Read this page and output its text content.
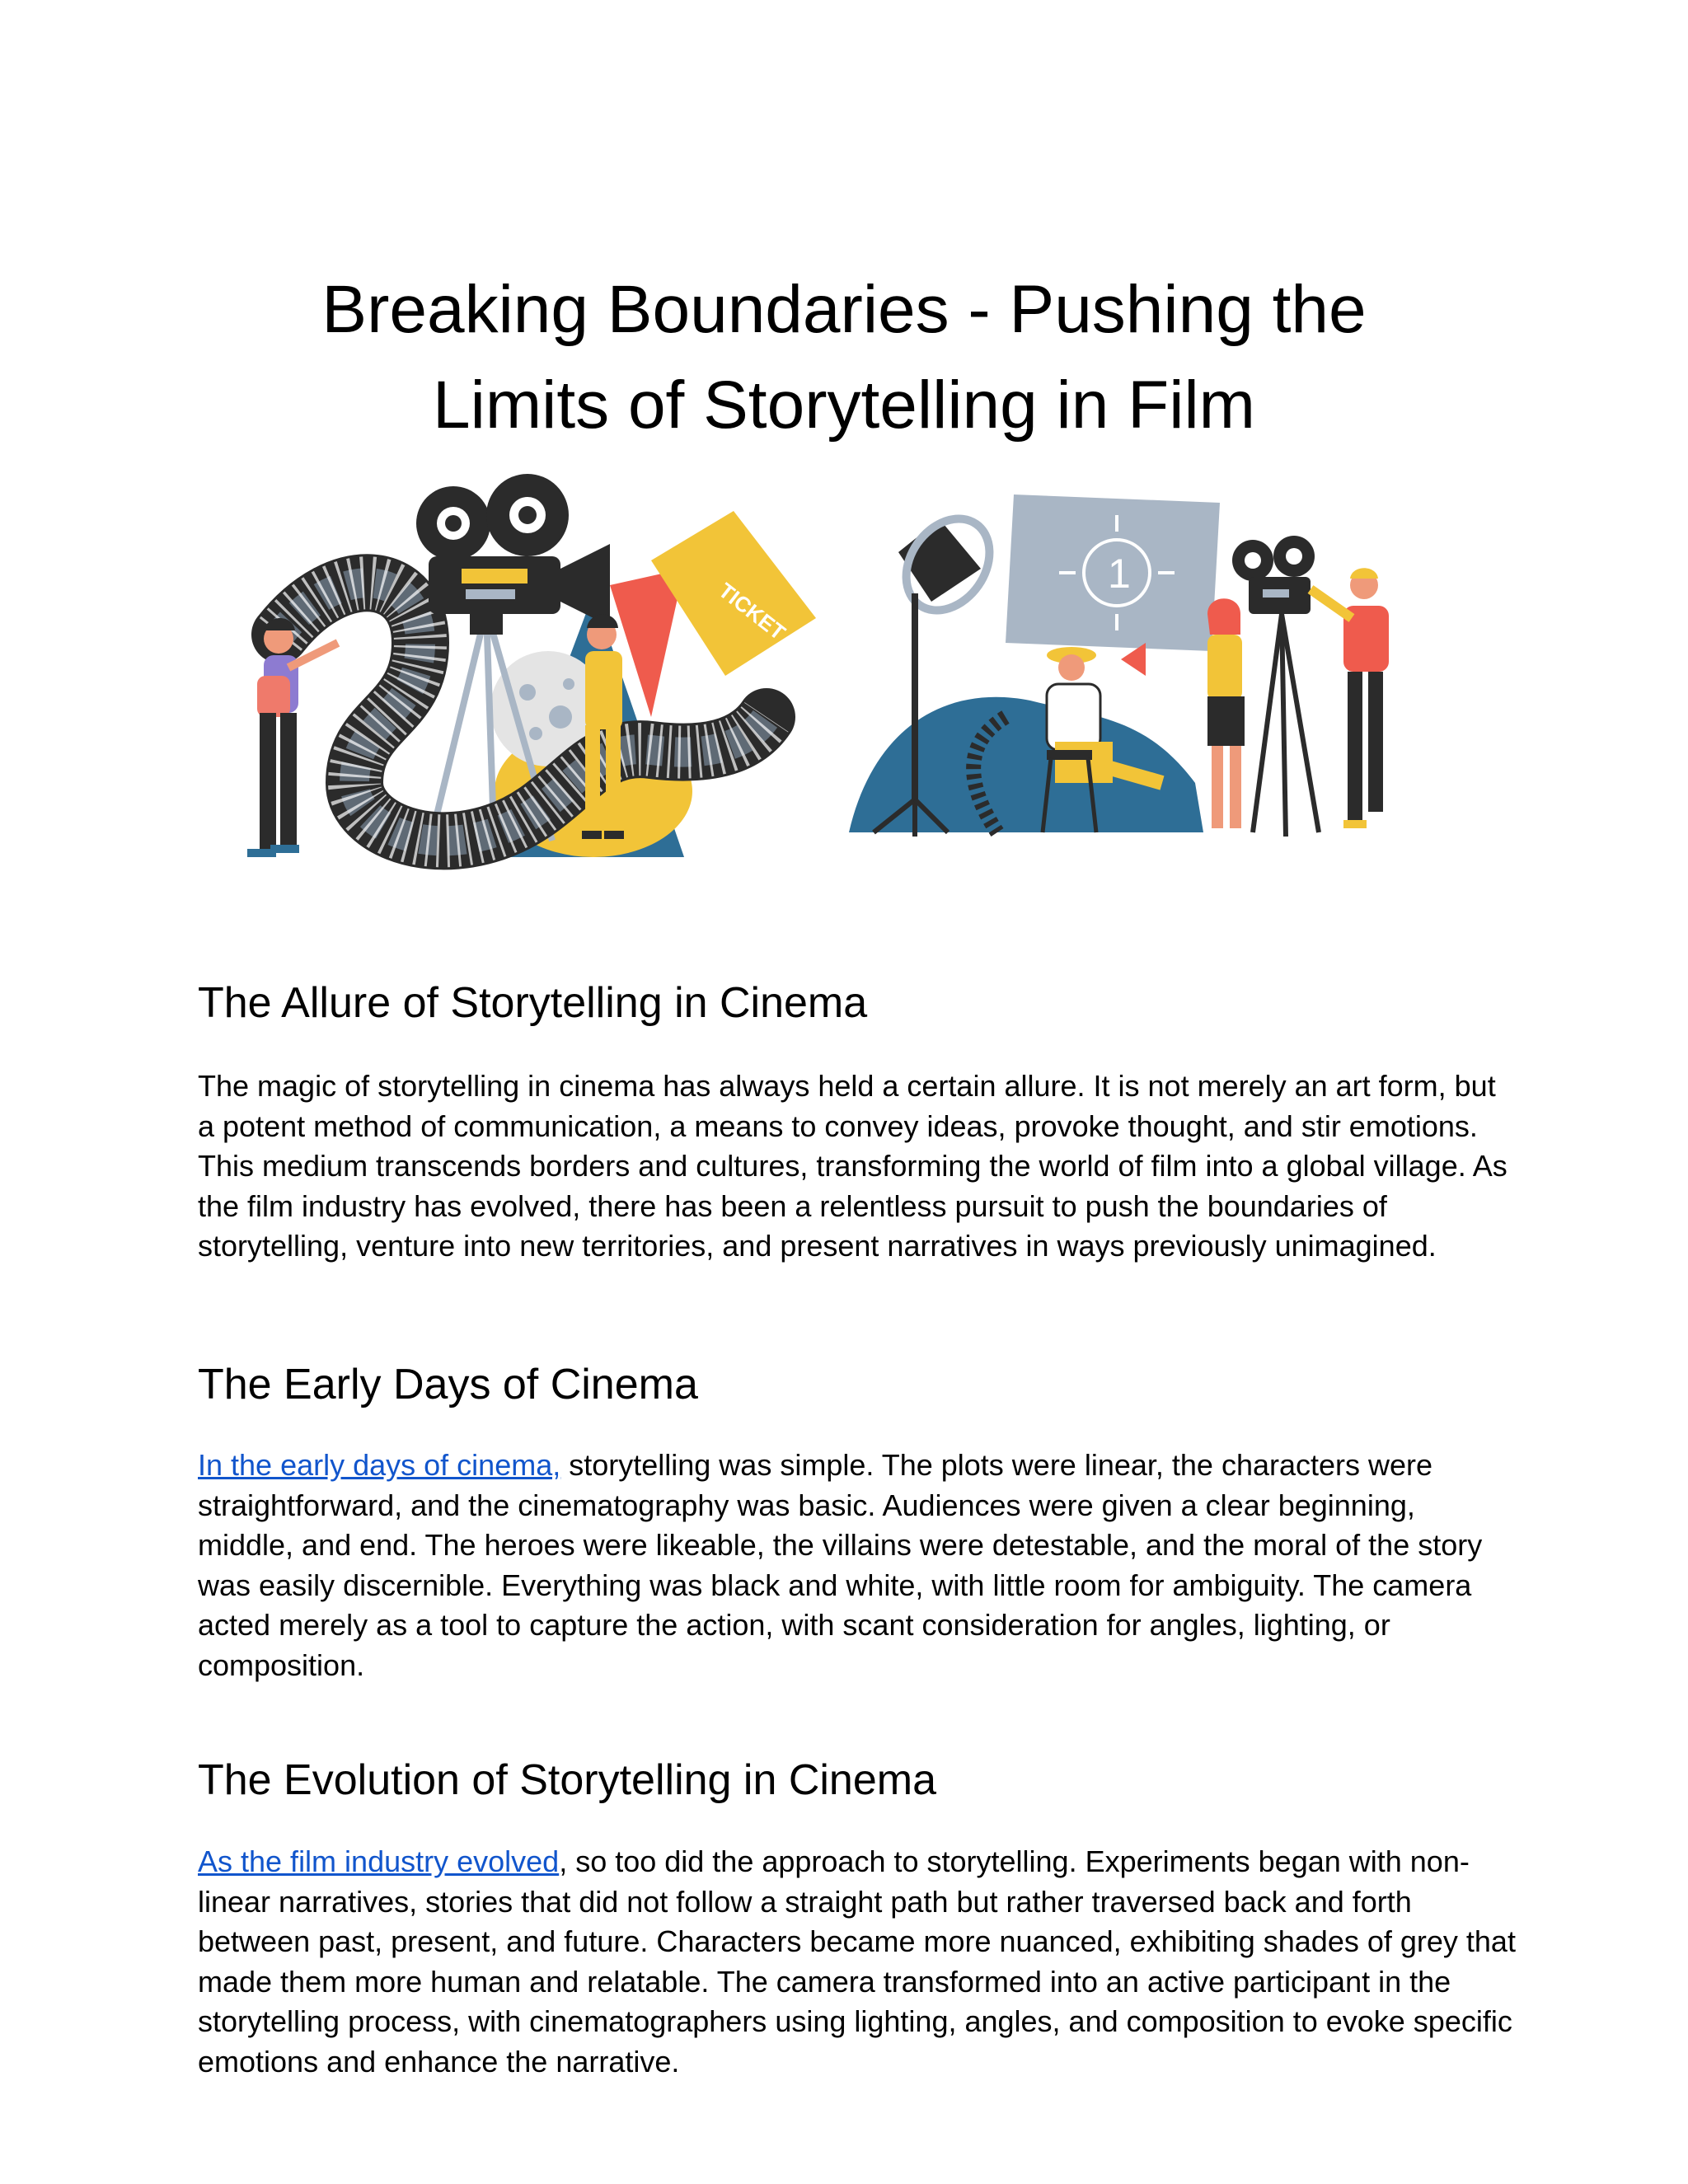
Breaking Boundaries - Pushing the
Limits of Storytelling in Film
TICKET
1
The Allure of Storytelling in Cinema

The magic of storytelling in cinema has always held a certain allure. It is not merely an art form, but a potent method of communication, a means to convey ideas, provoke thought, and stir emotions. This medium transcends borders and cultures, transforming the world of film into a global village. As the film industry has evolved, there has been a relentless pursuit to push the boundaries of storytelling, venture into new territories, and present narratives in ways previously unimagined.

The Early Days of Cinema

In the early days of cinema, storytelling was simple. The plots were linear, the characters were straightforward, and the cinematography was basic. Audiences were given a clear beginning, middle, and end. The heroes were likeable, the villains were detestable, and the moral of the story was easily discernible. Everything was black and white, with little room for ambiguity. The camera acted merely as a tool to capture the action, with scant consideration for angles, lighting, or composition.

The Evolution of Storytelling in Cinema

As the film industry evolved, so too did the approach to storytelling. Experiments began with non-linear narratives, stories that did not follow a straight path but rather traversed back and forth between past, present, and future. Characters became more nuanced, exhibiting shades of grey that made them more human and relatable. The camera transformed into an active participant in the storytelling process, with cinematographers using lighting, angles, and composition to evoke specific emotions and enhance the narrative.
